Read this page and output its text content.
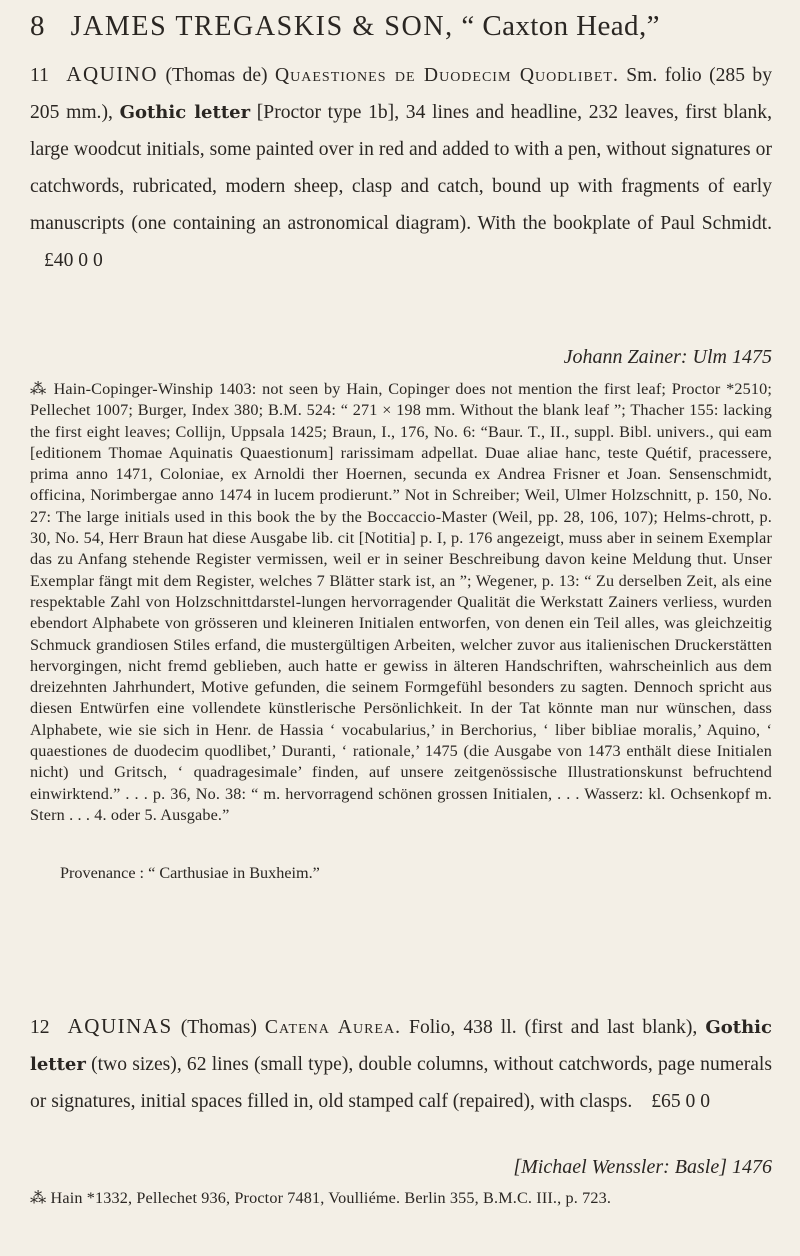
8 JAMES TREGASKIS & SON, “ Caxton Head,”
11 AQUINO (Thomas de) Quaestiones de Duodecim Quodlibet. Sm. folio (285 by 205 mm.), Gothic letter [Proctor type 1b], 34 lines and headline, 232 leaves, first blank, large woodcut initials, some painted over in red and added to with a pen, without signatures or catchwords, rubricated, modern sheep, clasp and catch, bound up with fragments of early manuscripts (one containing an astronomical diagram). With the bookplate of Paul Schmidt. £40 0 0
Johann Zainer: Ulm 1475
⁂ Hain-Copinger-Winship 1403: not seen by Hain, Copinger does not mention the first leaf; Proctor *2510; Pellechet 1007; Burger, Index 380; B.M. 524: “ 271 × 198 mm. Without the blank leaf ”; Thacher 155: lacking the first eight leaves; Collijn, Uppsala 1425; Braun, I., 176, No. 6: “Baur. T., II., suppl. Bibl. univers., qui eam [editionem Thomae Aquinatis Quaestionum] rarissimam adpellat. Duae aliae hanc, teste Quétif, pracessere, prima anno 1471, Coloniae, ex Arnoldi ther Hoernen, secunda ex Andrea Frisner et Joan. Sensenschmidt, officina, Norimbergae anno 1474 in lucem prodierunt.” Not in Schreiber; Weil, Ulmer Holzschnitt, p. 150, No. 27: The large initials used in this book the by the Boccaccio-Master (Weil, pp. 28, 106, 107); Helms-chrott, p. 30, No. 54, Herr Braun hat diese Ausgabe lib. cit [Notitia] p. I, p. 176 angezeigt, muss aber in seinem Exemplar das zu Anfang stehende Register vermissen, weil er in seiner Beschreibung davon keine Meldung thut. Unser Exemplar fängt mit dem Register, welches 7 Blätter stark ist, an ”; Wegener, p. 13: “ Zu derselben Zeit, als eine respektable Zahl von Holzschnittdarstel-lungen hervorragender Qualität die Werkstatt Zainers verliess, wurden ebendort Alphabete von grösseren und kleineren Initialen entworfen, von denen ein Teil alles, was gleichzeitig Schmuck grandiosen Stiles erfand, die mustergültigen Arbeiten, welcher zuvor aus italienischen Druckerstätten hervorgingen, nicht fremd geblieben, auch hatte er gewiss in älteren Handschriften, wahrscheinlich aus dem dreizehnten Jahrhundert, Motive gefunden, die seinem Formgefühl besonders zu sagten. Dennoch spricht aus diesen Entwürfen eine vollendete künstlerische Persönlichkeit. In der Tat könnte man nur wünschen, dass Alphabete, wie sie sich in Henr. de Hassia ‘ vocabularius,’ in Berchorius, ‘ liber bibliae moralis,’ Aquino, ‘ quaestiones de duodecim quodlibet,’ Duranti, ‘ rationale,’ 1475 (die Ausgabe von 1473 enthält diese Initialen nicht) und Gritsch, ‘ quadragesimale’ finden, auf unsere zeitgenössische Illustrationskunst befruchtend einwirktend.” . . . p. 36, No. 38: “ m. hervorragend schönen grossen Initialen, . . . Wasserz: kl. Ochsenkopf m. Stern . . . 4. oder 5. Ausgabe.”
Provenance : “ Carthusiae in Buxheim.”
12 AQUINAS (Thomas) Catena Aurea. Folio, 438 ll. (first and last blank), Gothic letter (two sizes), 62 lines (small type), double columns, without catchwords, page numerals or signatures, initial spaces filled in, old stamped calf (repaired), with clasps. £65 0 0
[Michael Wenssler: Basle] 1476
⁂ Hain *1332, Pellechet 936, Proctor 7481, Voulliéme. Berlin 355, B.M.C. III., p. 723.
